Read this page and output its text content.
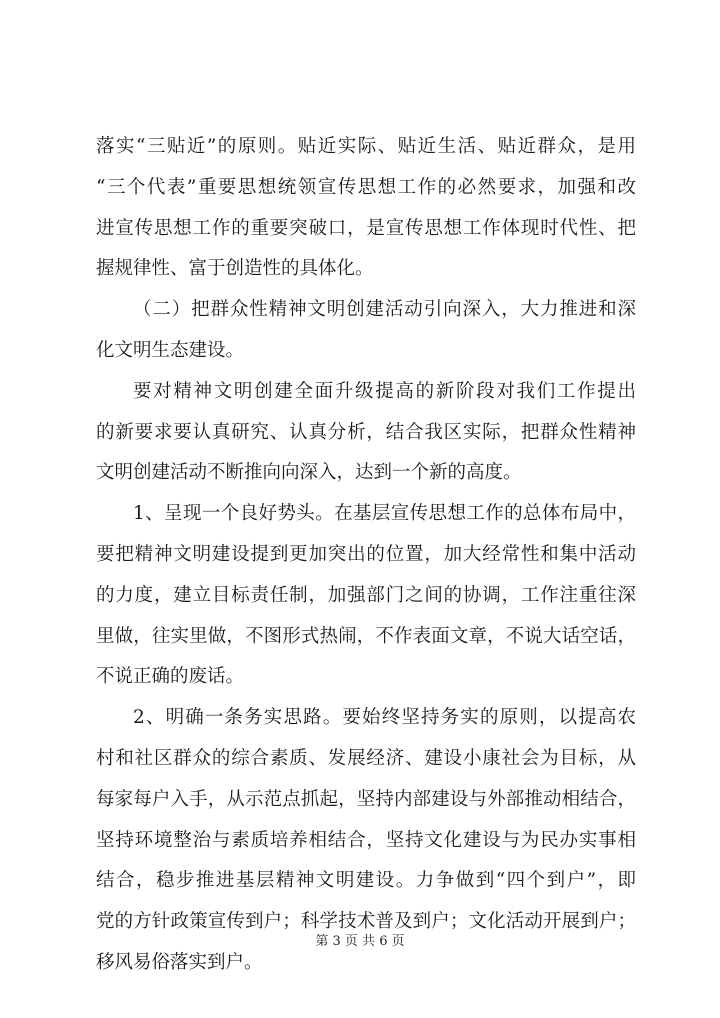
落实“三贴近”的原则。贴近实际、贴近生活、贴近群众，是用
“三个代表”重要思想统领宣传思想工作的必然要求，加强和改
进宣传思想工作的重要突破口，是宣传思想工作体现时代性、把
握规律性、富于创造性的具体化。
（二）把群众性精神文明创建活动引向深入，大力推进和深
化文明生态建设。
要对精神文明创建全面升级提高的新阶段对我们工作提出
的新要求要认真研究、认真分析，结合我区实际，把群众性精神
文明创建活动不断推向向深入，达到一个新的高度。
1、呈现一个良好势头。在基层宣传思想工作的总体布局中，
要把精神文明建设提到更加突出的位置，加大经常性和集中活动
的力度，建立目标责任制，加强部门之间的协调，工作注重往深
里做，往实里做，不图形式热闹，不作表面文章，不说大话空话，
不说正确的废话。
2、明确一条务实思路。要始终坚持务实的原则，以提高农
村和社区群众的综合素质、发展经济、建设小康社会为目标，从
每家每户入手，从示范点抓起，坚持内部建设与外部推动相结合，
坚持环境整治与素质培养相结合，坚持文化建设与为民办实事相
结合，稳步推进基层精神文明建设。力争做到“四个到户”，即
党的方针政策宣传到户；科学技术普及到户；文化活动开展到户；
移风易俗落实到户。
第 3 页 共 6 页
